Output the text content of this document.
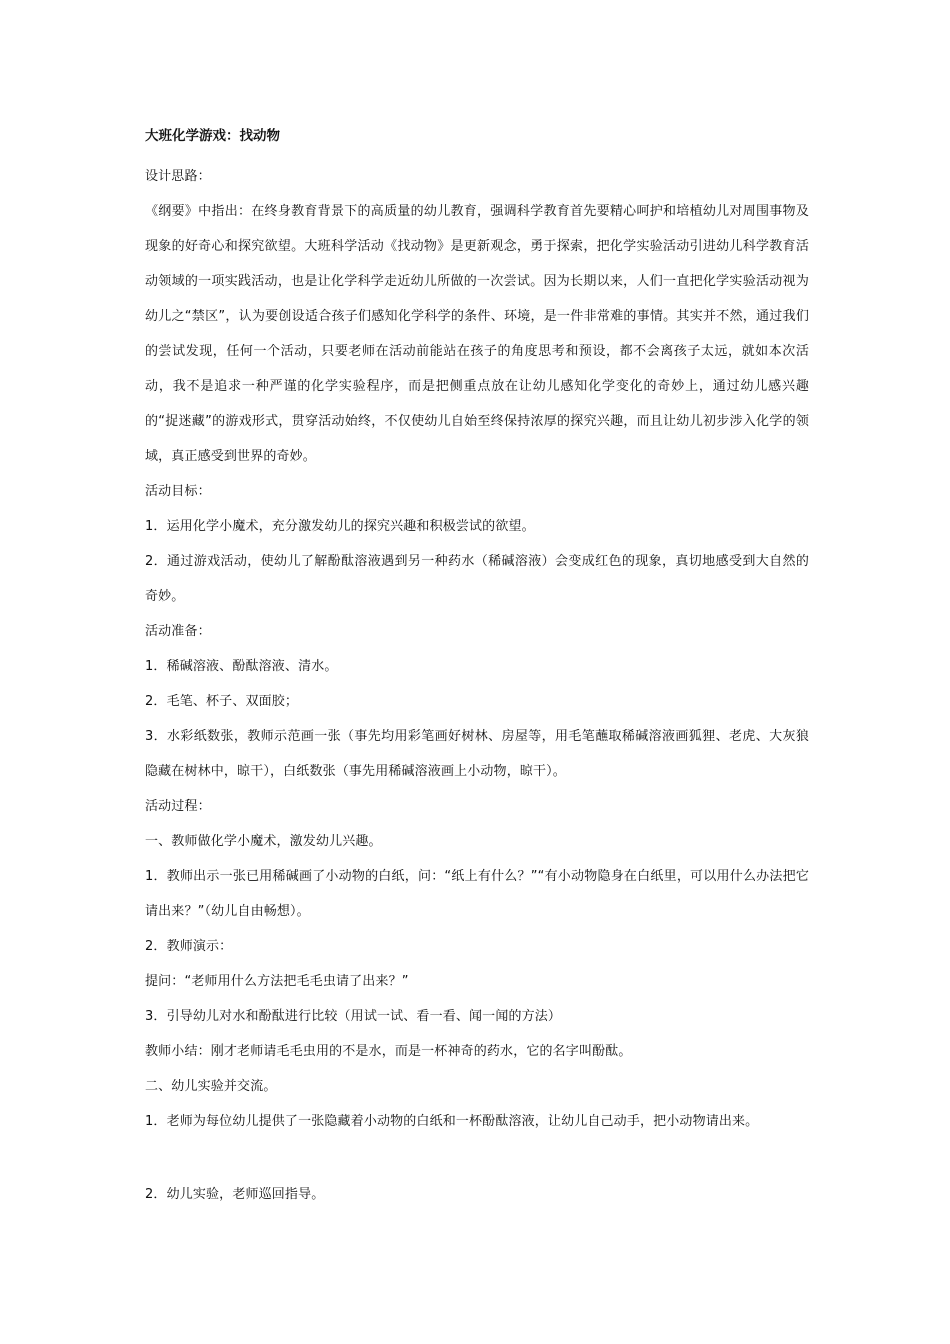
大班化学游戏：找动物

设计思路：

《纲要》中指出：在终身教育背景下的高质量的幼儿教育，强调科学教育首先要精心呵护和培植幼儿对周围事物及现象的好奇心和探究欲望。大班科学活动《找动物》是更新观念，勇于探索，把化学实验活动引进幼儿科学教育活动领域的一项实践活动，也是让化学科学走近幼儿所做的一次尝试。因为长期以来，人们一直把化学实验活动视为幼儿之“禁区”，认为要创设适合孩子们感知化学科学的条件、环境，是一件非常难的事情。其实并不然，通过我们的尝试发现，任何一个活动，只要老师在活动前能站在孩子的角度思考和预设，都不会离孩子太远，就如本次活动，我不是追求一种严谨的化学实验程序，而是把侧重点放在让幼儿感知化学变化的奇妙上，通过幼儿感兴趣的“捉迷藏”的游戏形式，贯穿活动始终，不仅使幼儿自始至终保持浓厚的探究兴趣，而且让幼儿初步涉入化学的领域，真正感受到世界的奇妙。

活动目标：

1．运用化学小魔术，充分激发幼儿的探究兴趣和积极尝试的欲望。

2．通过游戏活动，使幼儿了解酚酞溶液遇到另一种药水（稀碱溶液）会变成红色的现象，真切地感受到大自然的奇妙。

活动准备：

1．稀碱溶液、酚酞溶液、清水。

2．毛笔、杯子、双面胶；

3．水彩纸数张，教师示范画一张（事先均用彩笔画好树林、房屋等，用毛笔蘸取稀碱溶液画狐狸、老虎、大灰狼隐藏在树林中，晾干），白纸数张（事先用稀碱溶液画上小动物，晾干）。

活动过程：

一、教师做化学小魔术，激发幼儿兴趣。

1．教师出示一张已用稀碱画了小动物的白纸，问：“纸上有什么？”“有小动物隐身在白纸里，可以用什么办法把它请出来？”（幼儿自由畅想）。

2．教师演示：

提问：“老师用什么方法把毛毛虫请了出来？”

3．引导幼儿对水和酚酞进行比较（用试一试、看一看、闻一闻的方法）

教师小结：刚才老师请毛毛虫用的不是水，而是一杯神奇的药水，它的名字叫酚酞。

二、幼儿实验并交流。

1．老师为每位幼儿提供了一张隐藏着小动物的白纸和一杯酚酞溶液，让幼儿自己动手，把小动物请出来。

2．幼儿实验，老师巡回指导。
